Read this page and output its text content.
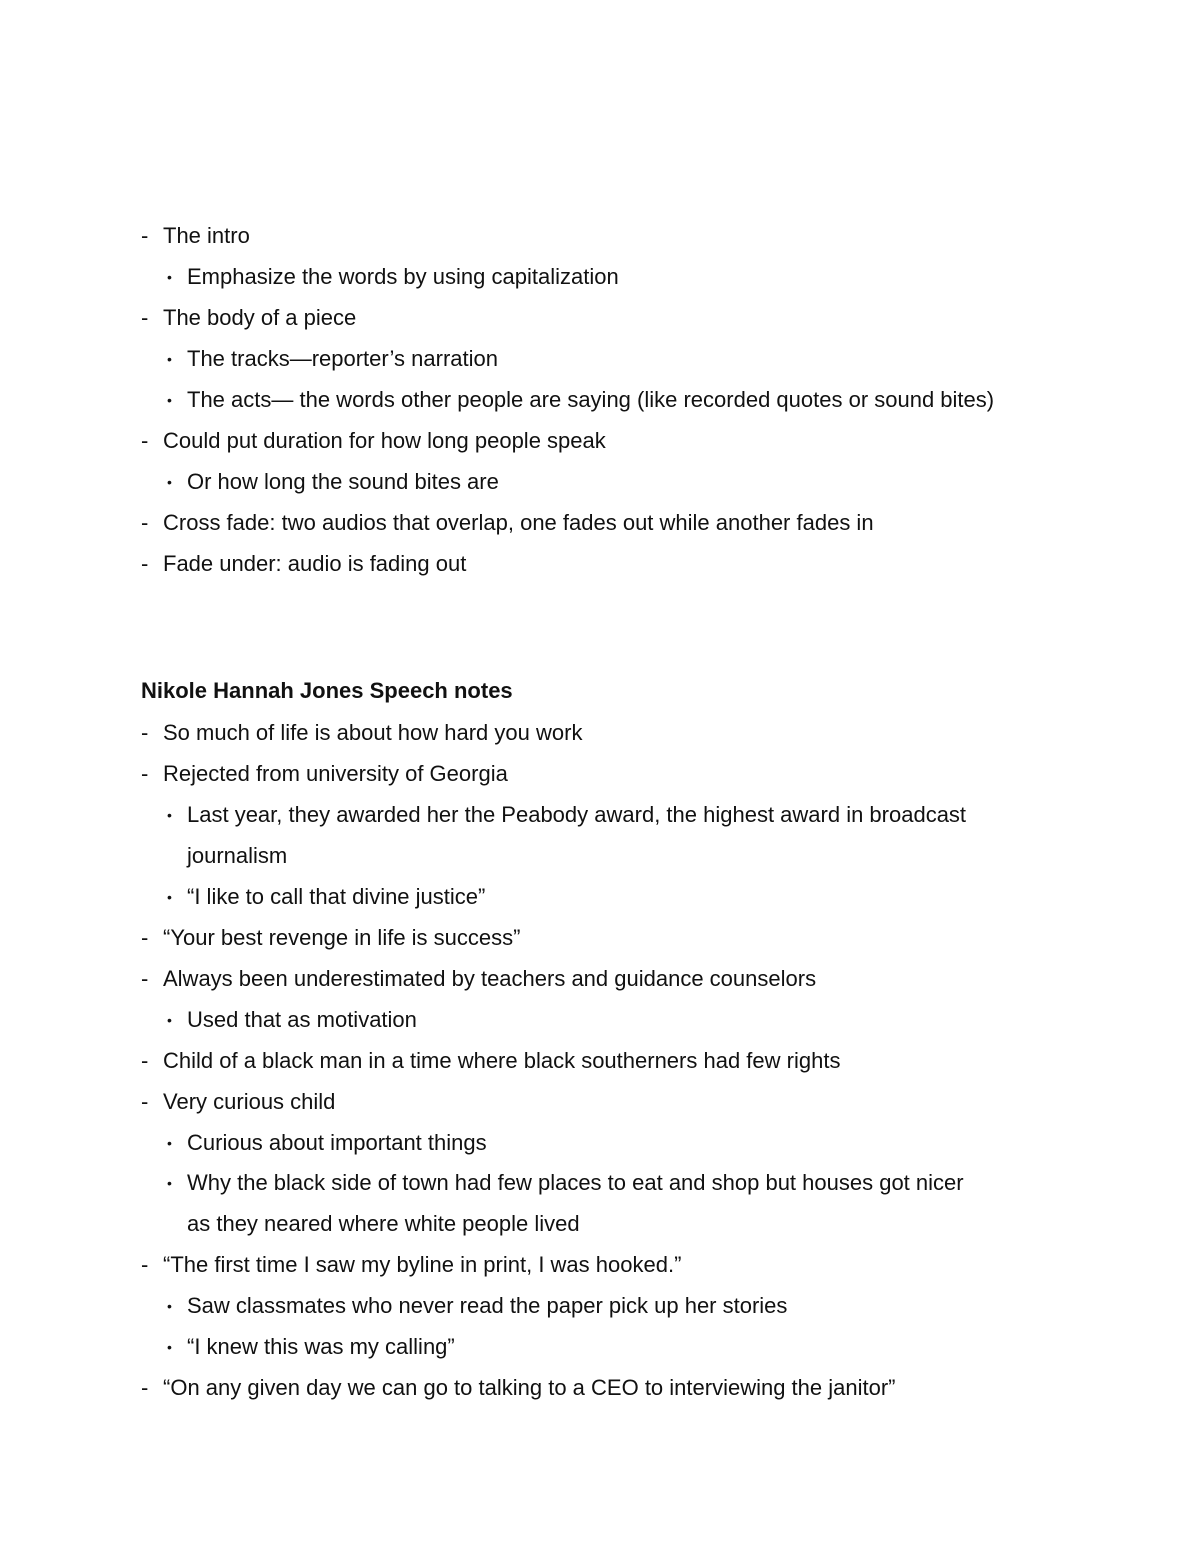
- The intro
• Emphasize the words by using capitalization
- The body of a piece
• The tracks—reporter’s narration
• The acts— the words other people are saying (like recorded quotes or sound bites)
- Could put duration for how long people speak
• Or how long the sound bites are
- Cross fade: two audios that overlap, one fades out while another fades in
- Fade under: audio is fading out
Nikole Hannah Jones Speech notes
- So much of life is about how hard you work
- Rejected from university of Georgia
• Last year, they awarded her the Peabody award, the highest award in broadcast
journalism
• “I like to call that divine justice”
- “Your best revenge in life is success”
- Always been underestimated by teachers and guidance counselors
• Used that as motivation
- Child of a black man in a time where black southerners had few rights
- Very curious child
• Curious about important things
• Why the black side of town had few places to eat and shop but houses got nicer
as they neared where white people lived
- “The first time I saw my byline in print, I was hooked.”
• Saw classmates who never read the paper pick up her stories
• “I knew this was my calling”
- “On any given day we can go to talking to a CEO to interviewing the janitor”
